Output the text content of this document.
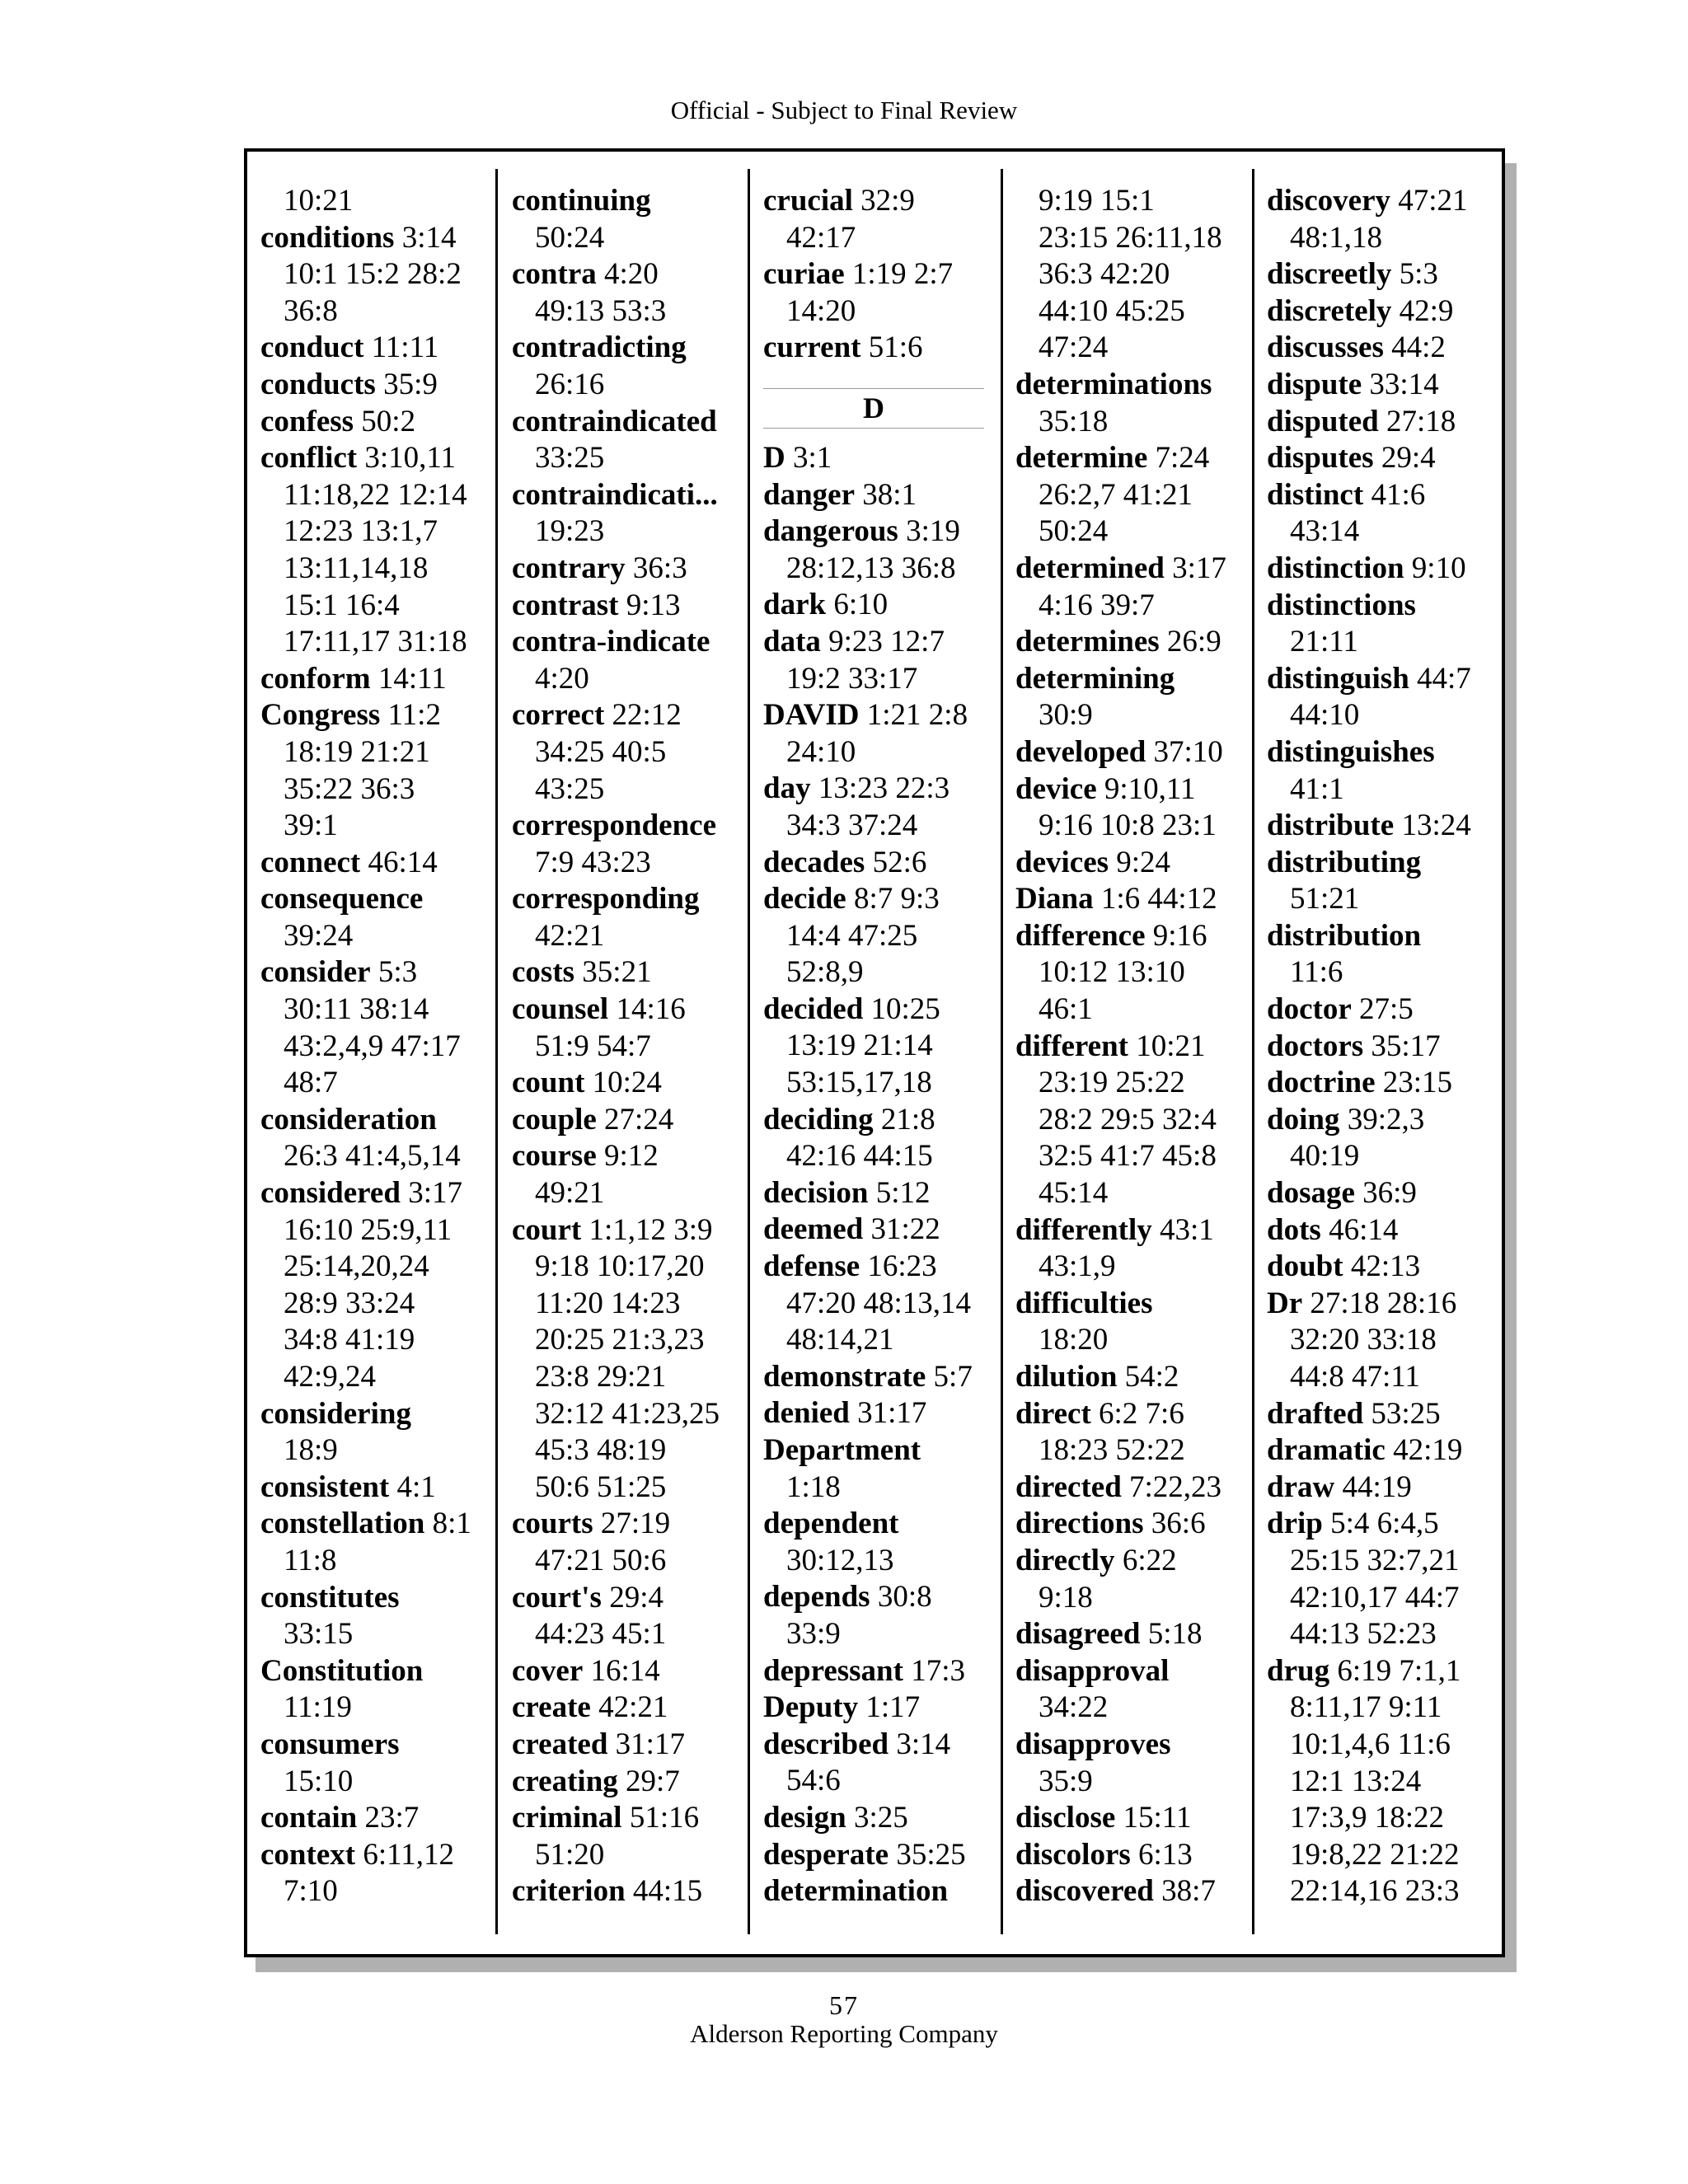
Official - Subject to Final Review
10:21
conditions 3:14
10:1 15:2 28:2
36:8
conduct 11:11
conducts 35:9
confess 50:2
conflict 3:10,11
11:18,22 12:14
12:23 13:1,7
13:11,14,18
15:1 16:4
17:11,17 31:18
conform 14:11
Congress 11:2
18:19 21:21
35:22 36:3
39:1
connect 46:14
consequence
39:24
consider 5:3
30:11 38:14
43:2,4,9 47:17
48:7
consideration
26:3 41:4,5,14
considered 3:17
16:10 25:9,11
25:14,20,24
28:9 33:24
34:8 41:19
42:9,24
considering
18:9
consistent 4:1
constellation 8:1
11:8
constitutes
33:15
Constitution
11:19
consumers
15:10
contain 23:7
context 6:11,12
7:10
continuing
50:24
contra 4:20
49:13 53:3
contradicting
26:16
contraindicated
33:25
contraindicati...
19:23
contrary 36:3
contrast 9:13
contra-indicate
4:20
correct 22:12
34:25 40:5
43:25
correspondence
7:9 43:23
corresponding
42:21
costs 35:21
counsel 14:16
51:9 54:7
count 10:24
couple 27:24
course 9:12
49:21
court 1:1,12 3:9
9:18 10:17,20
11:20 14:23
20:25 21:3,23
23:8 29:21
32:12 41:23,25
45:3 48:19
50:6 51:25
courts 27:19
47:21 50:6
court's 29:4
44:23 45:1
cover 16:14
create 42:21
created 31:17
creating 29:7
criminal 51:16
51:20
criterion 44:15
crucial 32:9
42:17
curiae 1:19 2:7
14:20
current 51:6
D
D 3:1
danger 38:1
dangerous 3:19
28:12,13 36:8
dark 6:10
data 9:23 12:7
19:2 33:17
DAVID 1:21 2:8
24:10
day 13:23 22:3
34:3 37:24
decades 52:6
decide 8:7 9:3
14:4 47:25
52:8,9
decided 10:25
13:19 21:14
53:15,17,18
deciding 21:8
42:16 44:15
decision 5:12
deemed 31:22
defense 16:23
47:20 48:13,14
48:14,21
demonstrate 5:7
denied 31:17
Department
1:18
dependent
30:12,13
depends 30:8
33:9
depressant 17:3
Deputy 1:17
described 3:14
54:6
design 3:25
desperate 35:25
determination
9:19 15:1
23:15 26:11,18
36:3 42:20
44:10 45:25
47:24
determinations
35:18
determine 7:24
26:2,7 41:21
50:24
determined 3:17
4:16 39:7
determines 26:9
determining
30:9
developed 37:10
device 9:10,11
9:16 10:8 23:1
devices 9:24
Diana 1:6 44:12
difference 9:16
10:12 13:10
46:1
different 10:21
23:19 25:22
28:2 29:5 32:4
32:5 41:7 45:8
45:14
differently 43:1
43:1,9
difficulties
18:20
dilution 54:2
direct 6:2 7:6
18:23 52:22
directed 7:22,23
directions 36:6
directly 6:22
9:18
disagreed 5:18
disapproval
34:22
disapproves
35:9
disclose 15:11
discolors 6:13
discovered 38:7
discovery 47:21
48:1,18
discreetly 5:3
discretely 42:9
discusses 44:2
dispute 33:14
disputed 27:18
disputes 29:4
distinct 41:6
43:14
distinction 9:10
distinctions
21:11
distinguish 44:7
44:10
distinguishes
41:1
distribute 13:24
distributing
51:21
distribution
11:6
doctor 27:5
doctors 35:17
doctrine 23:15
doing 39:2,3
40:19
dosage 36:9
dots 46:14
doubt 42:13
Dr 27:18 28:16
32:20 33:18
44:8 47:11
drafted 53:25
dramatic 42:19
draw 44:19
drip 5:4 6:4,5
25:15 32:7,21
42:10,17 44:7
44:13 52:23
drug 6:19 7:1,1
8:11,17 9:11
10:1,4,6 11:6
12:1 13:24
17:3,9 18:22
19:8,22 21:22
22:14,16 23:3
57
Alderson Reporting Company
